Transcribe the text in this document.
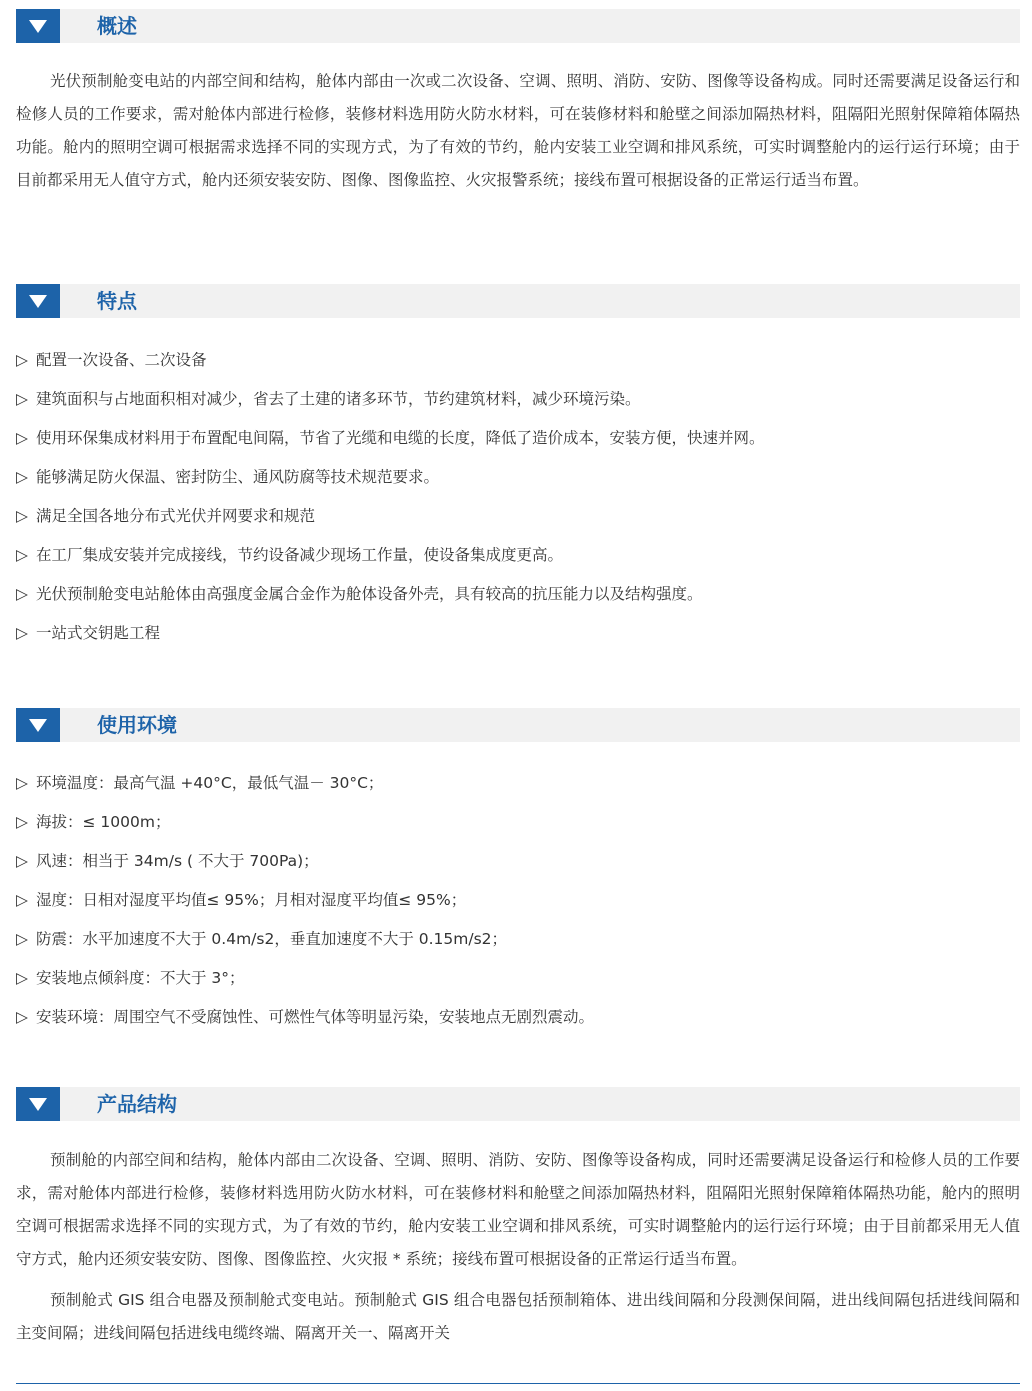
概述

光伏预制舱变电站的内部空间和结构，舱体内部由一次或二次设备、空调、照明、消防、安防、图像等设备构成。同时还需要满足设备运行和检修人员的工作要求，需对舱体内部进行检修，装修材料选用防火防水材料，可在装修材料和舱壁之间添加隔热材料，阻隔阳光照射保障箱体隔热功能。舱内的照明空调可根据需求选择不同的实现方式，为了有效的节约，舱内安装工业空调和排风系统，可实时调整舱内的运行运行环境；由于目前都采用无人值守方式，舱内还须安装安防、图像、图像监控、火灾报警系统；接线布置可根据设备的正常运行适当布置。

特点
▷ 配置一次设备、二次设备
▷ 建筑面积与占地面积相对减少，省去了土建的诸多环节，节约建筑材料，减少环境污染。
▷ 使用环保集成材料用于布置配电间隔，节省了光缆和电缆的长度，降低了造价成本，安装方便，快速并网。
▷ 能够满足防火保温、密封防尘、通风防腐等技术规范要求。
▷ 满足全国各地分布式光伏并网要求和规范
▷ 在工厂集成安装并完成接线，节约设备减少现场工作量，使设备集成度更高。
▷ 光伏预制舱变电站舱体由高强度金属合金作为舱体设备外壳，具有较高的抗压能力以及结构强度。
▷ 一站式交钥匙工程
使用环境
▷ 环境温度：最高气温 +40°C，最低气温－ 30°C；
▷ 海拔：≤ 1000m；
▷ 风速：相当于 34m/s ( 不大于 700Pa)；
▷ 湿度：日相对湿度平均值≤ 95%；月相对湿度平均值≤ 95%；
▷ 防震：水平加速度不大于 0.4m/s2，垂直加速度不大于 0.15m/s2；
▷ 安装地点倾斜度：不大于 3°；
▷ 安装环境：周围空气不受腐蚀性、可燃性气体等明显污染，安装地点无剧烈震动。
产品结构

预制舱的内部空间和结构，舱体内部由二次设备、空调、照明、消防、安防、图像等设备构成，同时还需要满足设备运行和检修人员的工作要求，需对舱体内部进行检修，装修材料选用防火防水材料，可在装修材料和舱壁之间添加隔热材料，阻隔阳光照射保障箱体隔热功能，舱内的照明空调可根据需求选择不同的实现方式，为了有效的节约，舱内安装工业空调和排风系统，可实时调整舱内的运行运行环境；由于目前都采用无人值守方式，舱内还须安装安防、图像、图像监控、火灾报 * 系统；接线布置可根据设备的正常运行适当布置。

预制舱式 GIS 组合电器及预制舱式变电站。预制舱式 GIS 组合电器包括预制箱体、进出线间隔和分段测保间隔，进出线间隔包括进线间隔和主变间隔；进线间隔包括进线电缆终端、隔离开关一、隔离开关
